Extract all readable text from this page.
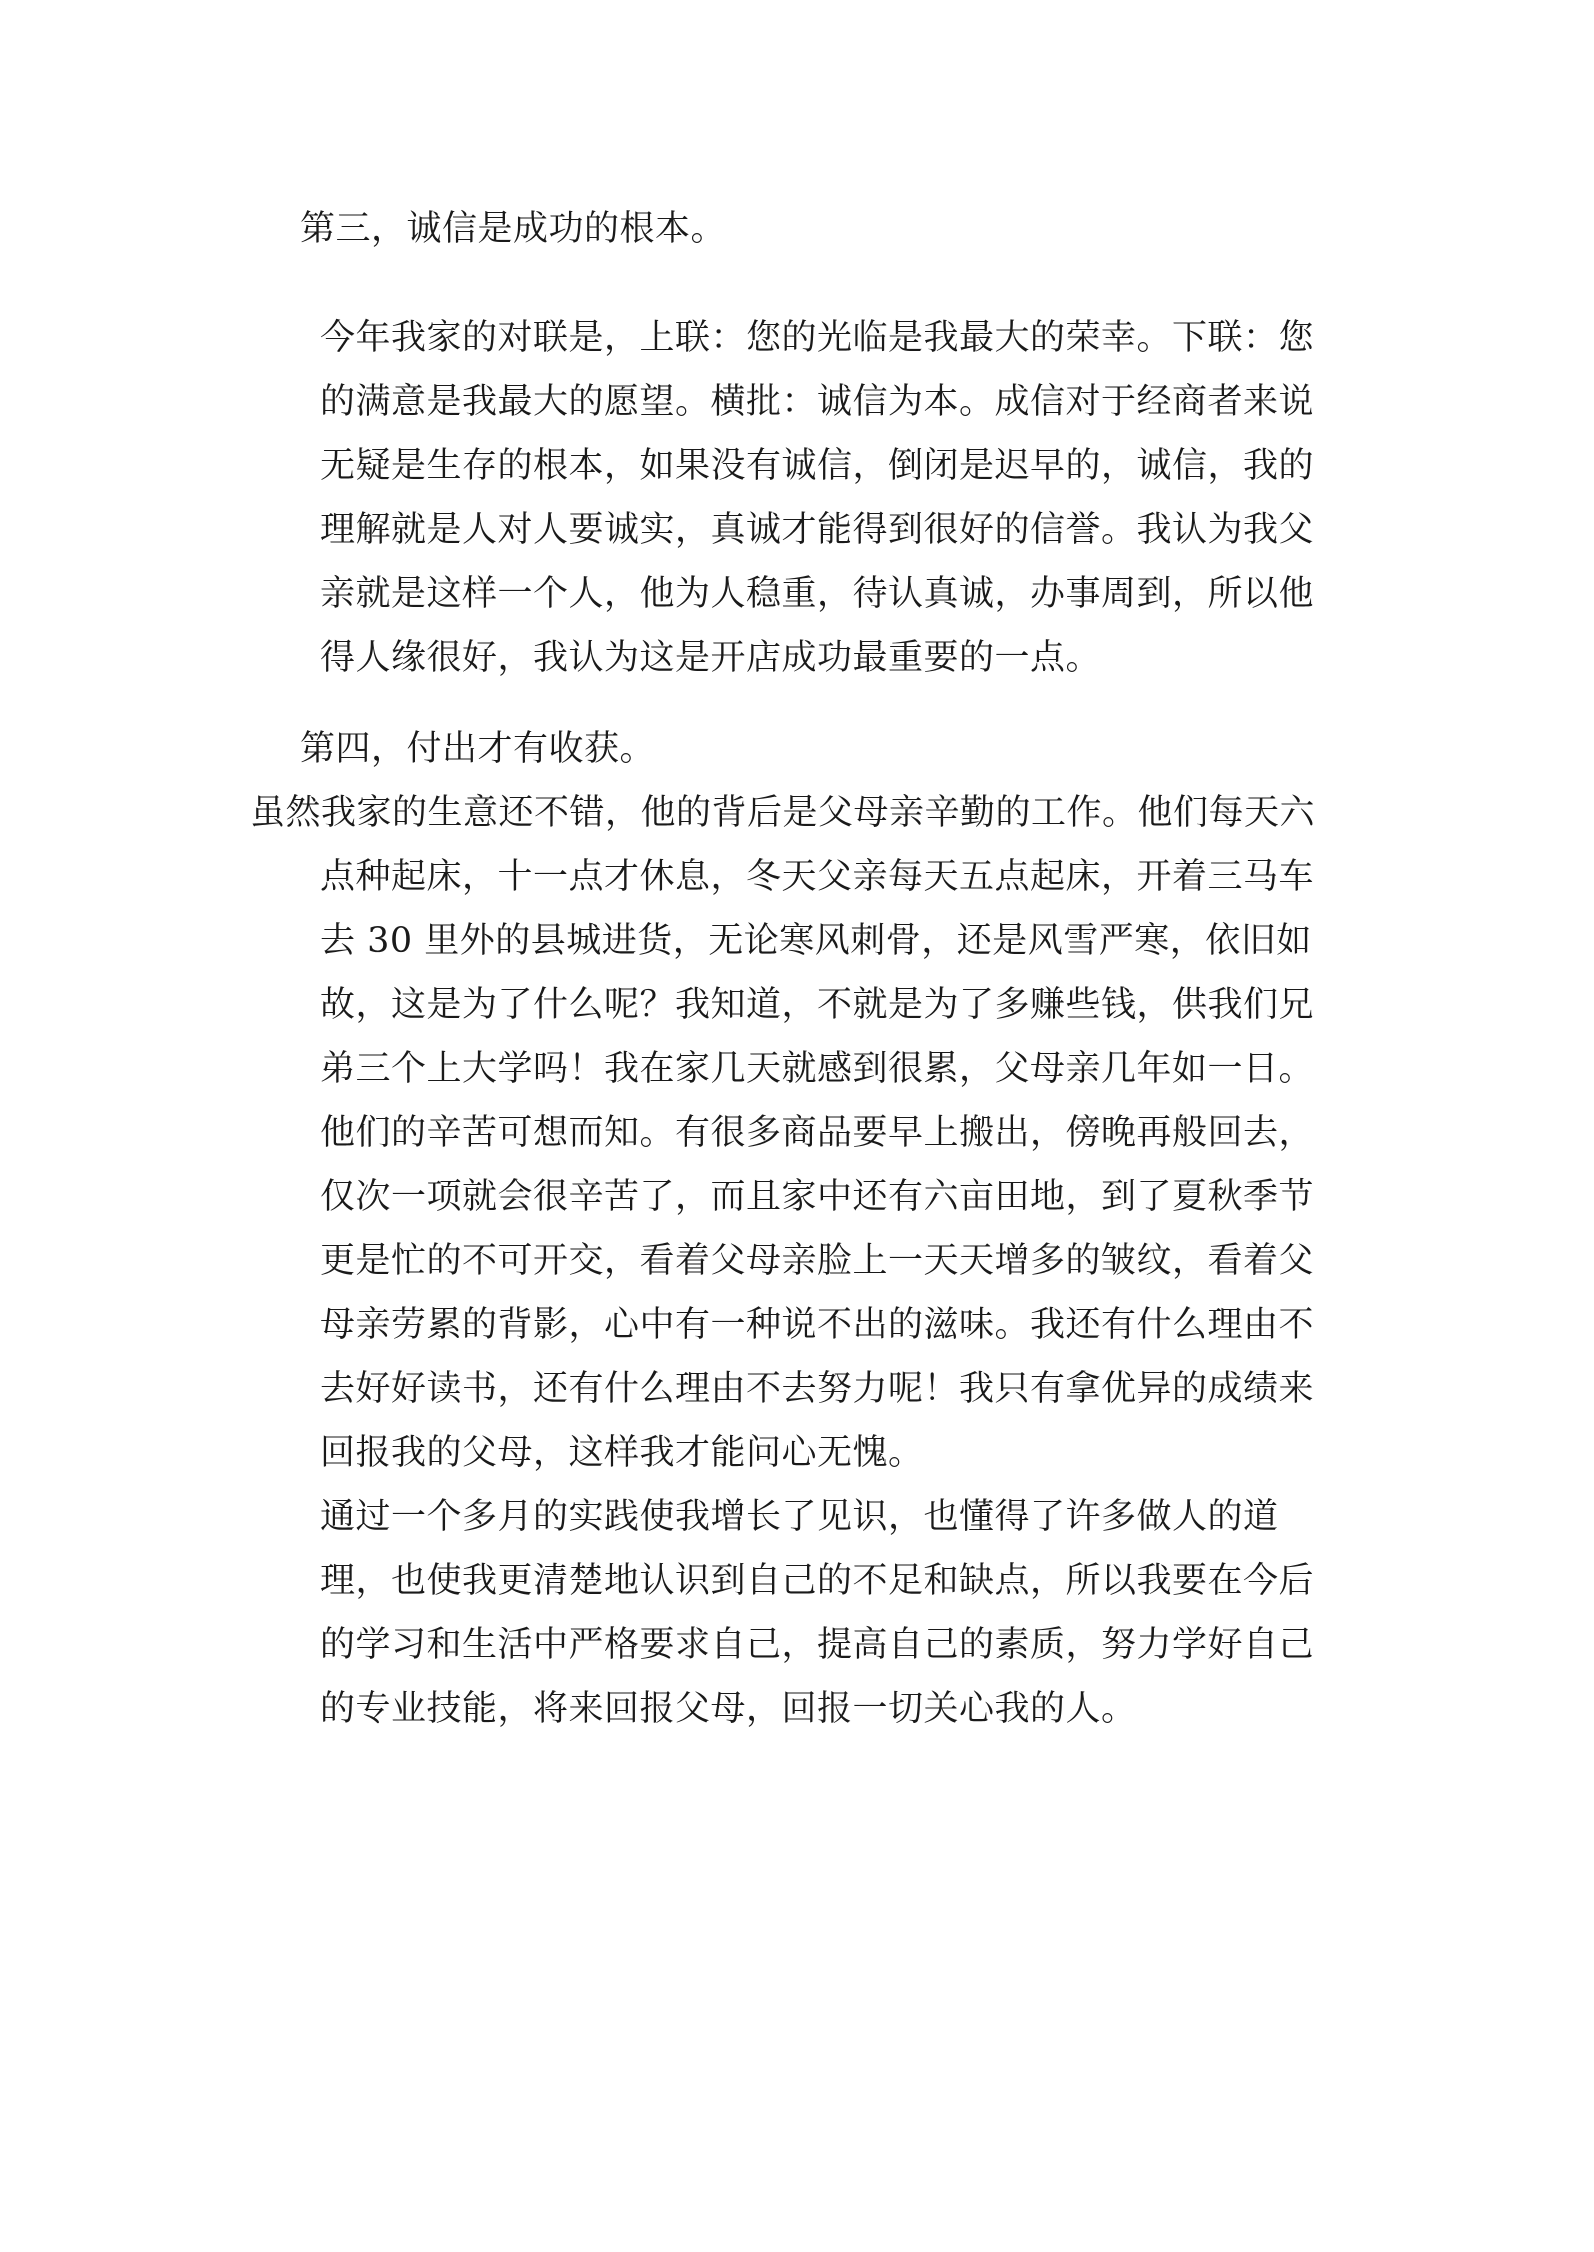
第三，诚信是成功的根本。

今年我家的对联是，上联：您的光临是我最大的荣幸。下联：您

的满意是我最大的愿望。横批：诚信为本。成信对于经商者来说

无疑是生存的根本，如果没有诚信，倒闭是迟早的，诚信，我的

理解就是人对人要诚实，真诚才能得到很好的信誉。我认为我父

亲就是这样一个人，他为人稳重，待认真诚，办事周到，所以他

得人缘很好，我认为这是开店成功最重要的一点。

第四，付出才有收获。

虽然我家的生意还不错，他的背后是父母亲辛勤的工作。他们每天六

点种起床，十一点才休息，冬天父亲每天五点起床，开着三马车

去 30 里外的县城进货，无论寒风刺骨，还是风雪严寒，依旧如

故，这是为了什么呢？我知道，不就是为了多赚些钱，供我们兄

弟三个上大学吗！我在家几天就感到很累，父母亲几年如一日。

他们的辛苦可想而知。有很多商品要早上搬出，傍晚再般回去，

仅次一项就会很辛苦了，而且家中还有六亩田地，到了夏秋季节

更是忙的不可开交，看着父母亲脸上一天天增多的皱纹，看着父

母亲劳累的背影，心中有一种说不出的滋味。我还有什么理由不

去好好读书，还有什么理由不去努力呢！我只有拿优异的成绩来

回报我的父母，这样我才能问心无愧。

通过一个多月的实践使我增长了见识，也懂得了许多做人的道

理，也使我更清楚地认识到自己的不足和缺点，所以我要在今后

的学习和生活中严格要求自己，提高自己的素质，努力学好自己

的专业技能，将来回报父母，回报一切关心我的人。
